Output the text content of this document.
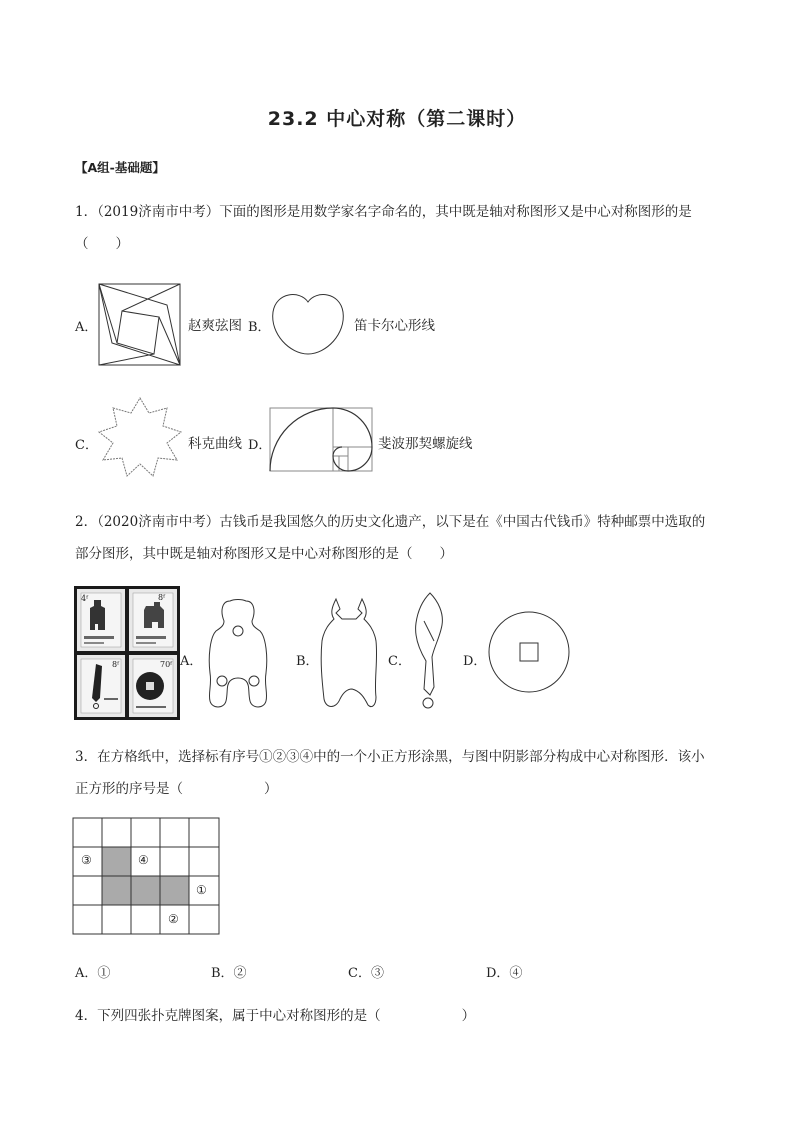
23.2 中心对称（第二课时）
【A组-基础题】
1．（2019济南市中考）下面的图形是用数学家名字命名的，其中既是轴对称图形又是中心对称图形的是
（　　）
A．	赵爽弦图 B．	笛卡尔心形线
C．	科克曲线 D．	斐波那契螺旋线
2．（2020济南市中考）古钱币是我国悠久的历史文化遗产，以下是在《中国古代钱币》特种邮票中选取的
部分图形，其中既是轴对称图形又是中心对称图形的是（　　）
4ᶠ	8ᶠ
8ᶠ	70ᶠ A．	B．	C．	D．
3．在方格纸中，选择标有序号①②③④中的一个小正方形涂黑，与图中阴影部分构成中心对称图形．该小
正方形的序号是（　　　　　　）
③	④
①
②
A．①	B．②	C．③	D．④
4．下列四张扑克牌图案，属于中心对称图形的是（　　　　　　）
